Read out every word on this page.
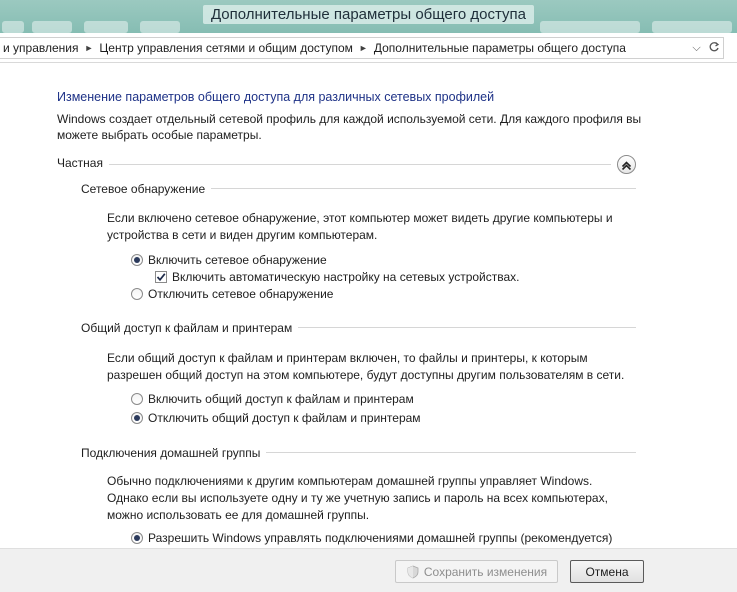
Дополнительные параметры общего доступа
и управления ► Центр управления сетями и общим доступом ► Дополнительные параметры общего доступа	⌵
Изменение параметров общего доступа для различных сетевых профилей
Windows создает отдельный сетевой профиль для каждой используемой сети. Для каждого профиля вы можете выбрать особые параметры.
Частная
Сетевое обнаружение
Если включено сетевое обнаружение, этот компьютер может видеть другие компьютеры и устройства в сети и виден другим компьютерам.
Включить сетевое обнаружение
Включить автоматическую настройку на сетевых устройствах.
Отключить сетевое обнаружение
Общий доступ к файлам и принтерам
Если общий доступ к файлам и принтерам включен, то файлы и принтеры, к которым разрешен общий доступ на этом компьютере, будут доступны другим пользователям в сети.
Включить общий доступ к файлам и принтерам
Отключить общий доступ к файлам и принтерам
Подключения домашней группы
Обычно подключениями к другим компьютерам домашней группы управляет Windows. Однако если вы используете одну и ту же учетную запись и пароль на всех компьютерах, можно использовать ее для домашней группы.
Разрешить Windows управлять подключениями домашней группы (рекомендуется)
Сохранить изменения	Отмена
